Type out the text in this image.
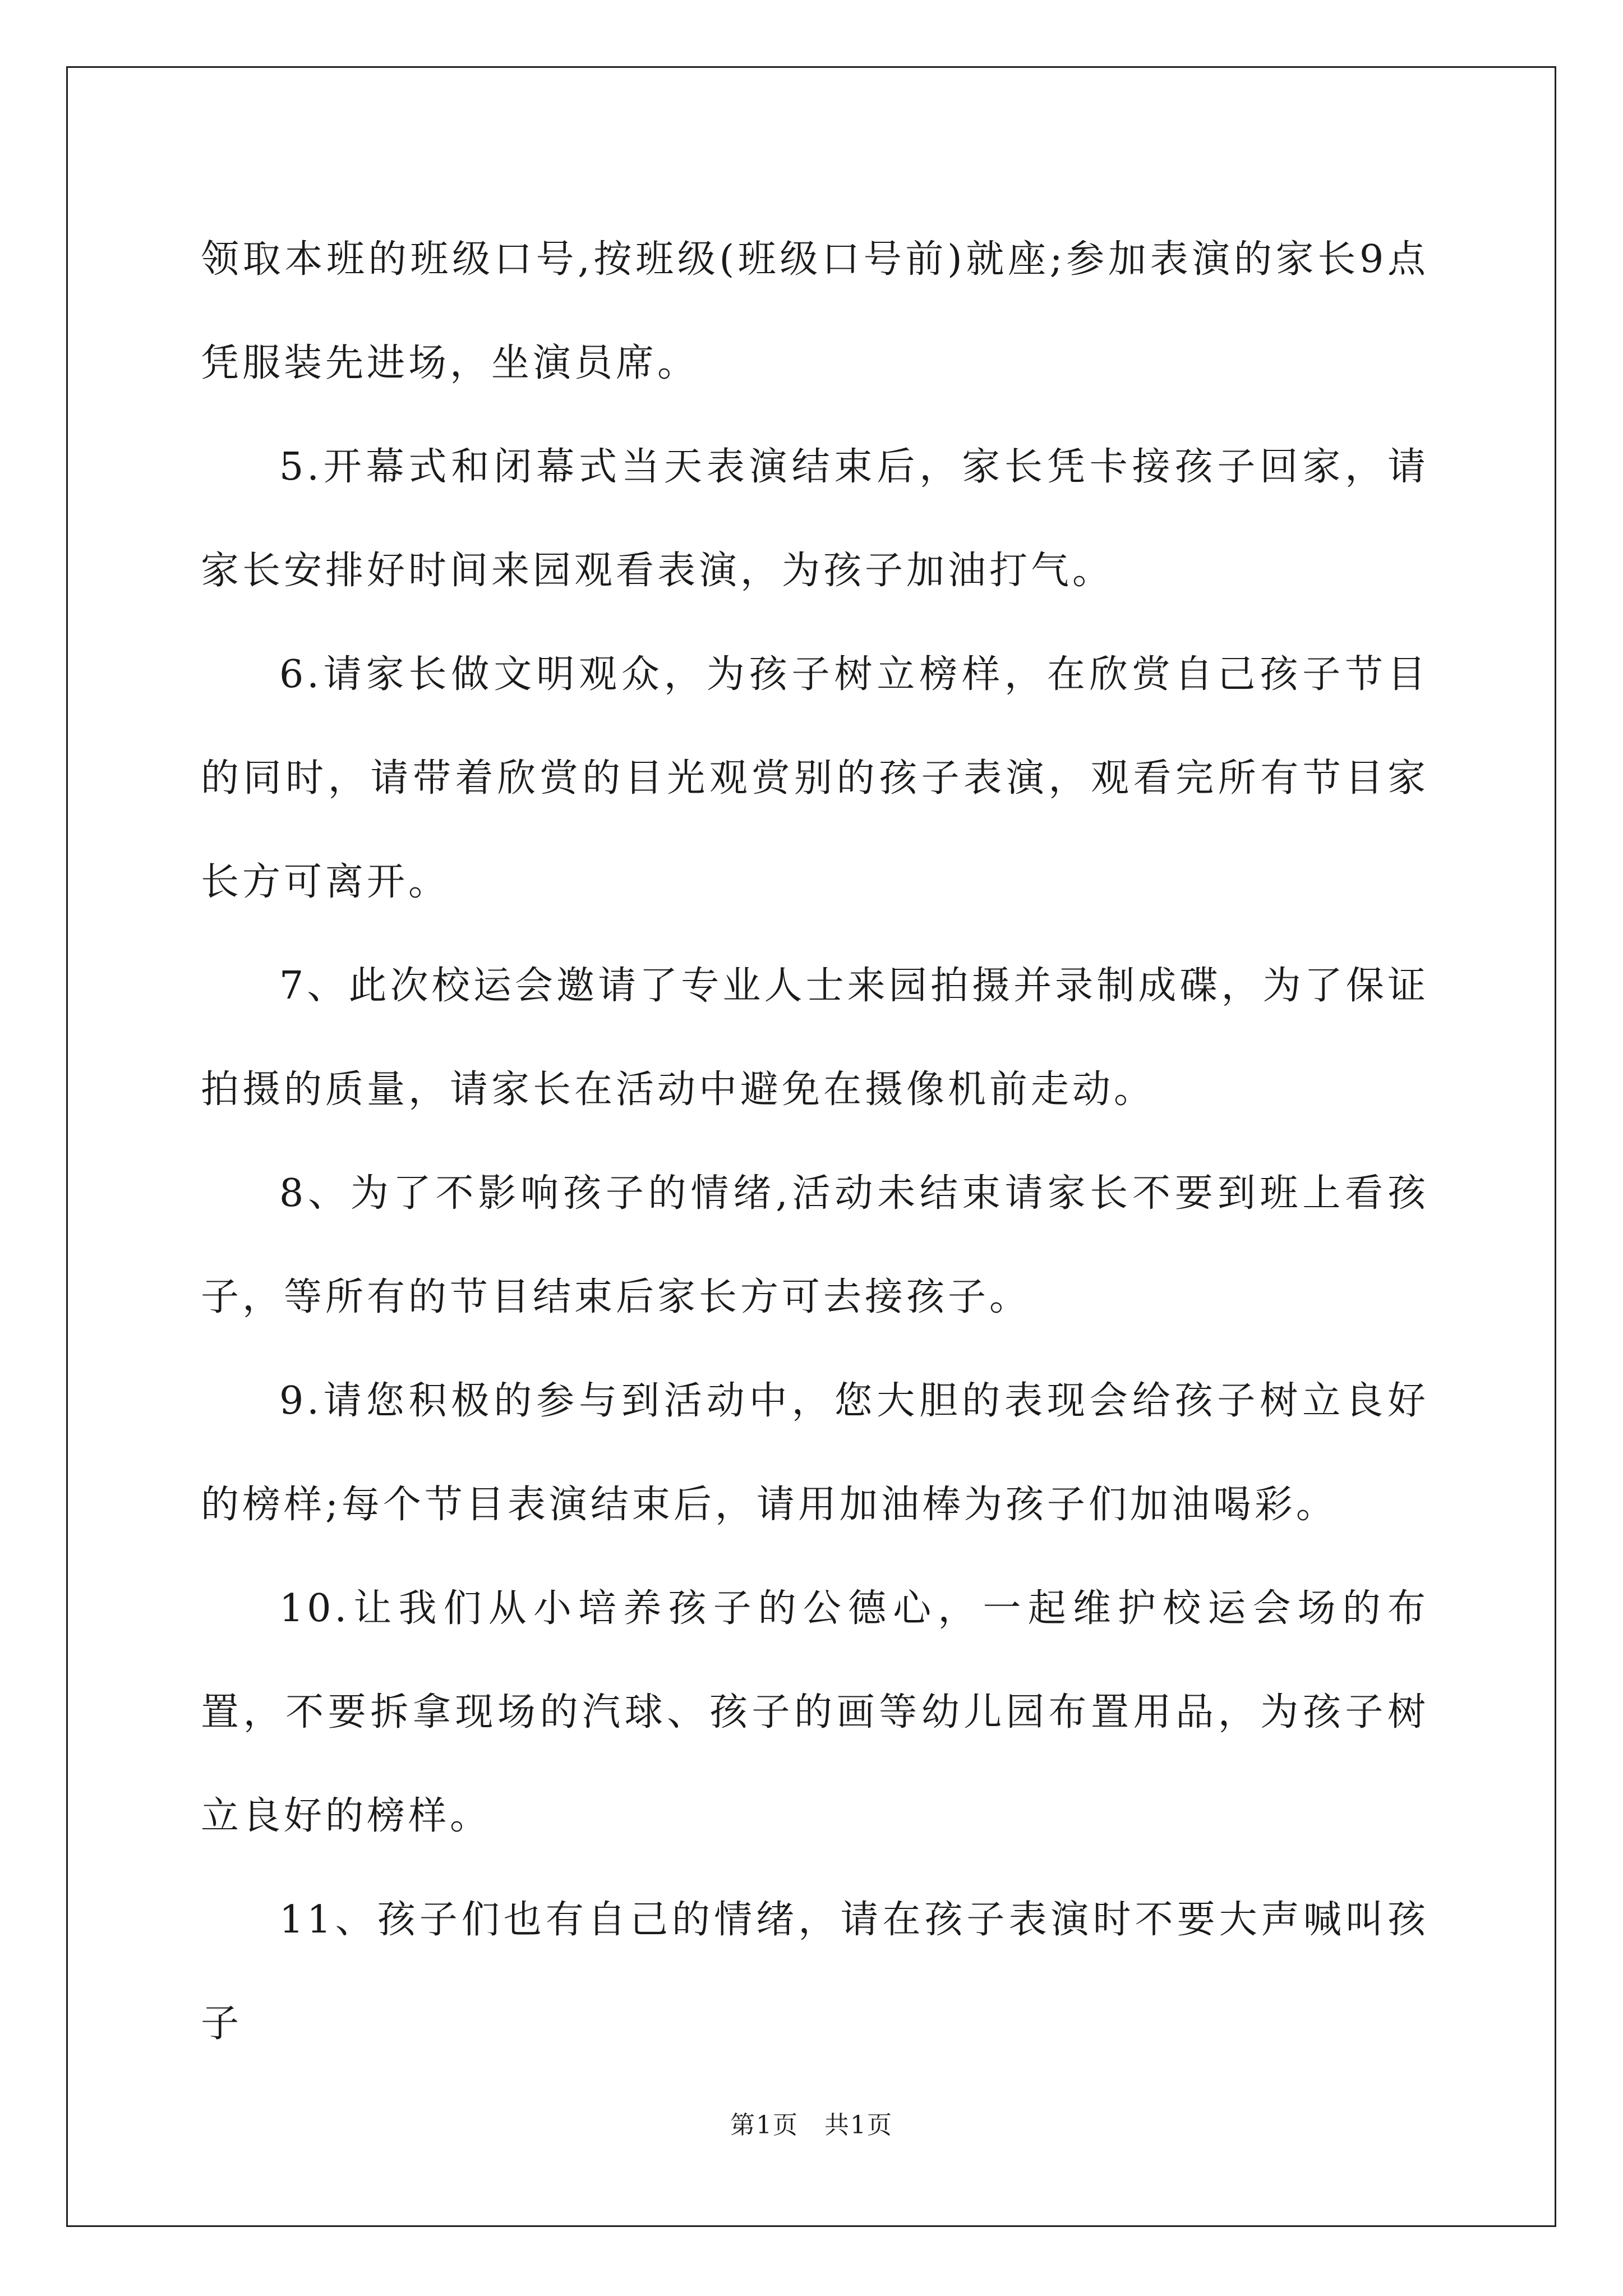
领取本班的班级口号,按班级(班级口号前)就座;参加表演的家长9点凭服装先进场，坐演员席。

5.开幕式和闭幕式当天表演结束后，家长凭卡接孩子回家，请家长安排好时间来园观看表演，为孩子加油打气。

6.请家长做文明观众，为孩子树立榜样，在欣赏自己孩子节目的同时，请带着欣赏的目光观赏别的孩子表演，观看完所有节目家长方可离开。

7、此次校运会邀请了专业人士来园拍摄并录制成碟，为了保证拍摄的质量，请家长在活动中避免在摄像机前走动。

8、为了不影响孩子的情绪,活动未结束请家长不要到班上看孩子，等所有的节目结束后家长方可去接孩子。

9.请您积极的参与到活动中，您大胆的表现会给孩子树立良好的榜样;每个节目表演结束后，请用加油棒为孩子们加油喝彩。

10.让我们从小培养孩子的公德心，一起维护校运会场的布置，不要拆拿现场的汽球、孩子的画等幼儿园布置用品，为孩子树立良好的榜样。

11、孩子们也有自己的情绪，请在孩子表演时不要大声喊叫孩子

第1页　共1页
